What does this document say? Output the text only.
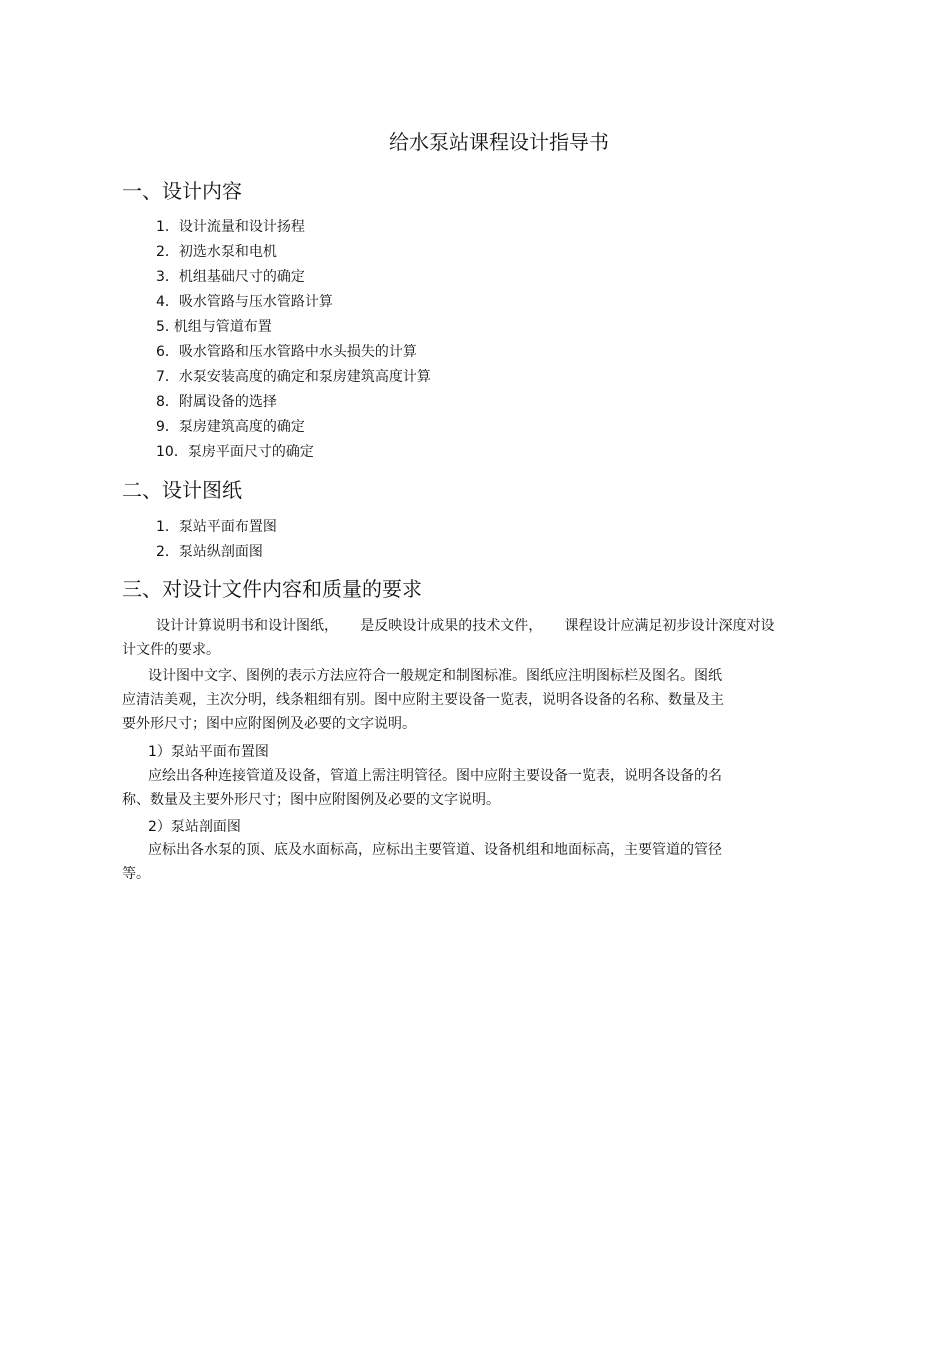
给水泵站课程设计指导书
一、设计内容
1．设计流量和设计扬程
2．初选水泵和电机
3．机组基础尺寸的确定
4．吸水管路与压水管路计算
5. 机组与管道布置
6．吸水管路和压水管路中水头损失的计算
7．水泵安装高度的确定和泵房建筑高度计算
8．附属设备的选择
9．泵房建筑高度的确定
10．泵房平面尺寸的确定
二、设计图纸
1．泵站平面布置图
2．泵站纵剖面图
三、对设计文件内容和质量的要求
设计计算说明书和设计图纸，     是反映设计成果的技术文件，     课程设计应满足初步设计深度对设
计文件的要求。
设计图中文字、图例的表示方法应符合一般规定和制图标准。图纸应注明图标栏及图名。图纸
应清洁美观，主次分明，线条粗细有别。图中应附主要设备一览表，说明各设备的名称、数量及主
要外形尺寸；图中应附图例及必要的文字说明。

1）泵站平面布置图

应绘出各种连接管道及设备，管道上需注明管径。图中应附主要设备一览表，说明各设备的名
称、数量及主要外形尺寸；图中应附图例及必要的文字说明。

2）泵站剖面图

应标出各水泵的顶、底及水面标高，应标出主要管道、设备机组和地面标高，主要管道的管径
等。
